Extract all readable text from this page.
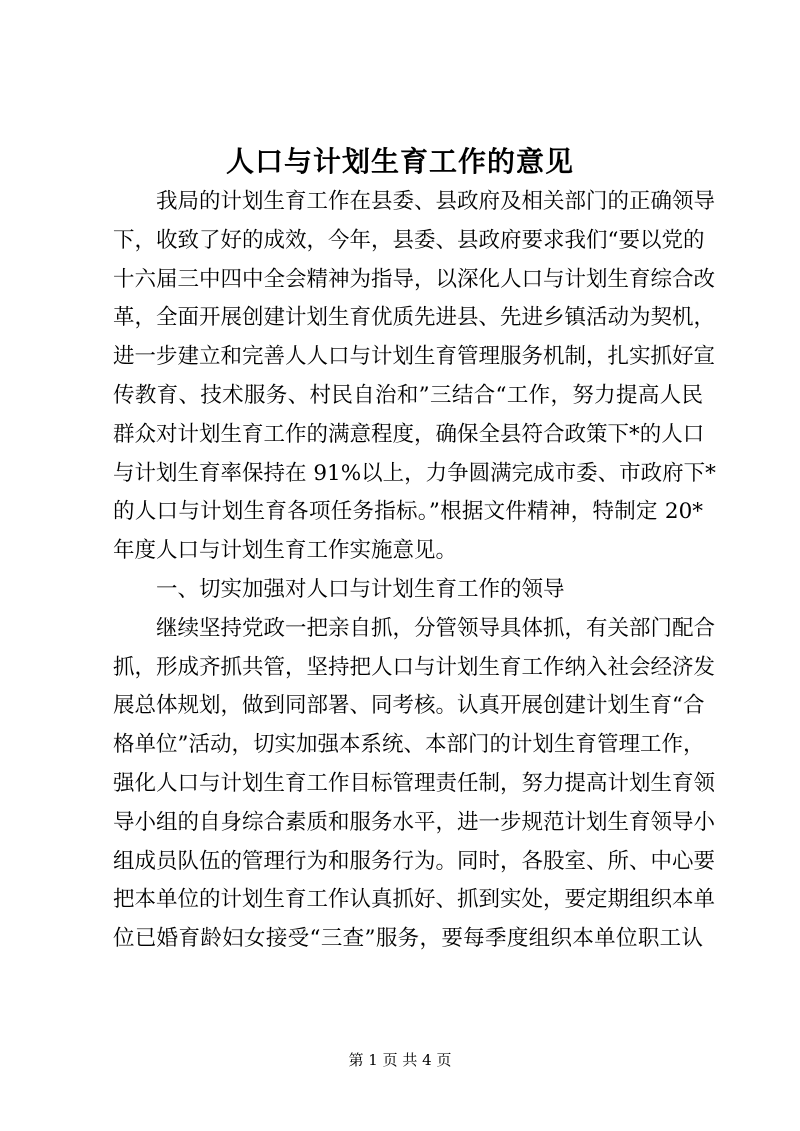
人口与计划生育工作的意见
我局的计划生育工作在县委、县政府及相关部门的正确领导
下，收致了好的成效，今年，县委、县政府要求我们“要以党的
十六届三中四中全会精神为指导，以深化人口与计划生育综合改
革，全面开展创建计划生育优质先进县、先进乡镇活动为契机，
进一步建立和完善人人口与计划生育管理服务机制，扎实抓好宣
传教育、技术服务、村民自治和”三结合“工作，努力提高人民
群众对计划生育工作的满意程度，确保全县符合政策下*的人口
与计划生育率保持在 91%以上，力争圆满完成市委、市政府下*
的人口与计划生育各项任务指标。”根据文件精神，特制定 20*
年度人口与计划生育工作实施意见。
一、切实加强对人口与计划生育工作的领导
继续坚持党政一把亲自抓，分管领导具体抓，有关部门配合
抓，形成齐抓共管，坚持把人口与计划生育工作纳入社会经济发
展总体规划，做到同部署、同考核。认真开展创建计划生育“合
格单位”活动，切实加强本系统、本部门的计划生育管理工作，
强化人口与计划生育工作目标管理责任制，努力提高计划生育领
导小组的自身综合素质和服务水平，进一步规范计划生育领导小
组成员队伍的管理行为和服务行为。同时，各股室、所、中心要
把本单位的计划生育工作认真抓好、抓到实处，要定期组织本单
位已婚育龄妇女接受“三查”服务，要每季度组织本单位职工认
第 1 页 共 4 页
